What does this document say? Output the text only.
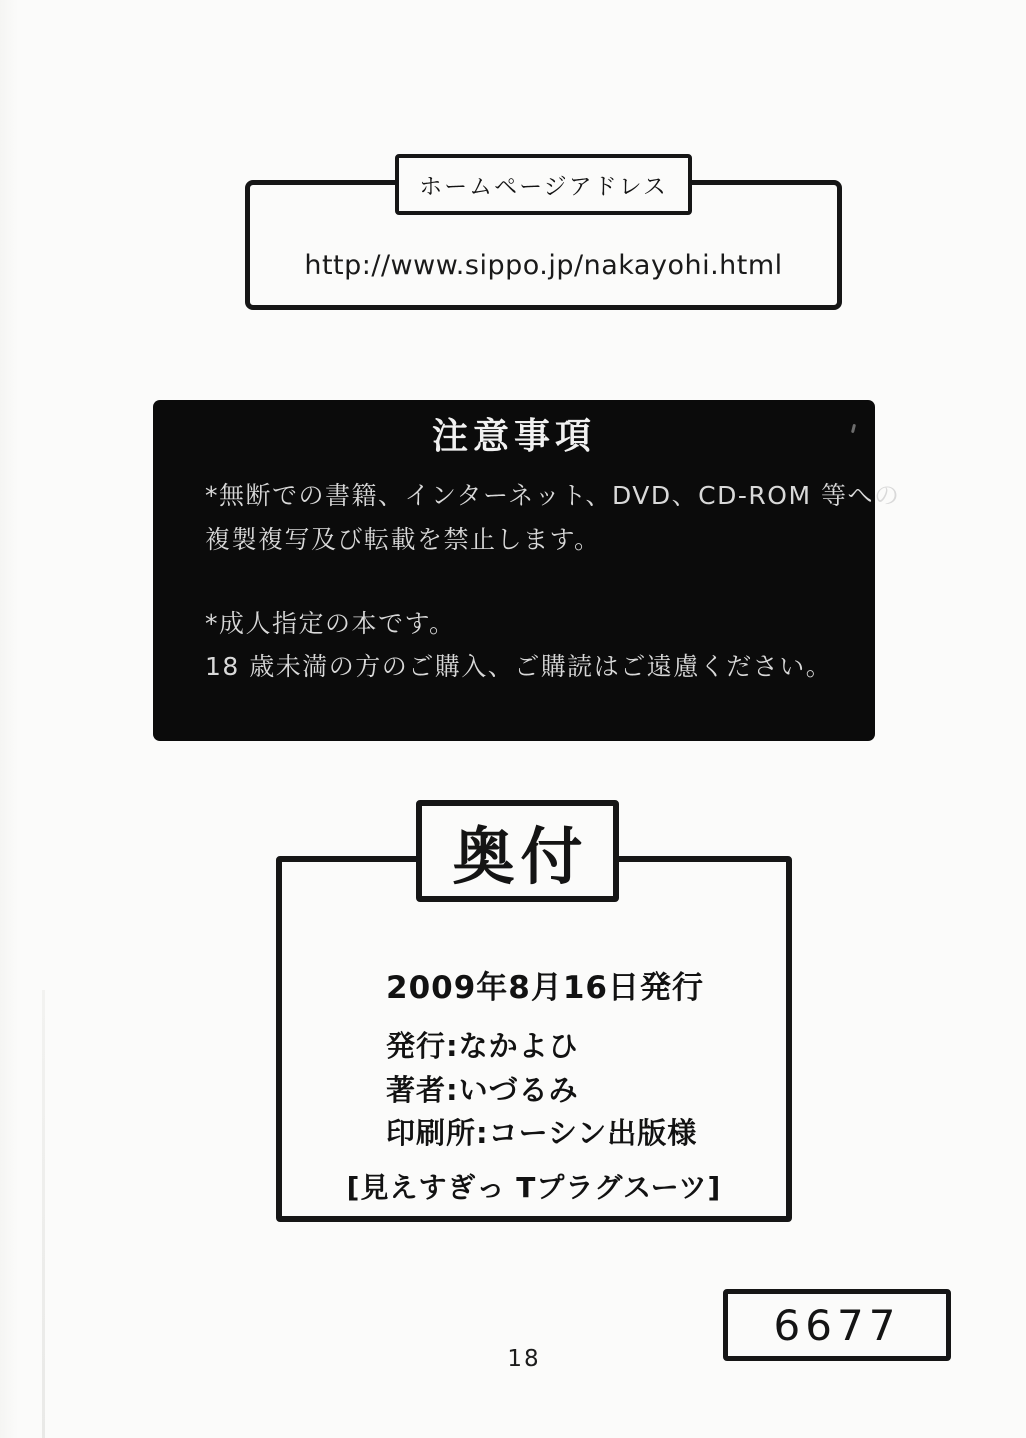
http://www.sippo.jp/nakayohi.html
ホームページアドレス
注意事項
*無断での書籍、インターネット、DVD、CD-ROM 等への
複製複写及び転載を禁止します。
*成人指定の本です。
18 歳未満の方のご購入、ご購読はご遠慮ください。
2009年8月16日発行
発行:なかよひ
著者:いづるみ
印刷所:コーシン出版様
[見えすぎっ Tプラグスーツ]
奥付
6677
18
